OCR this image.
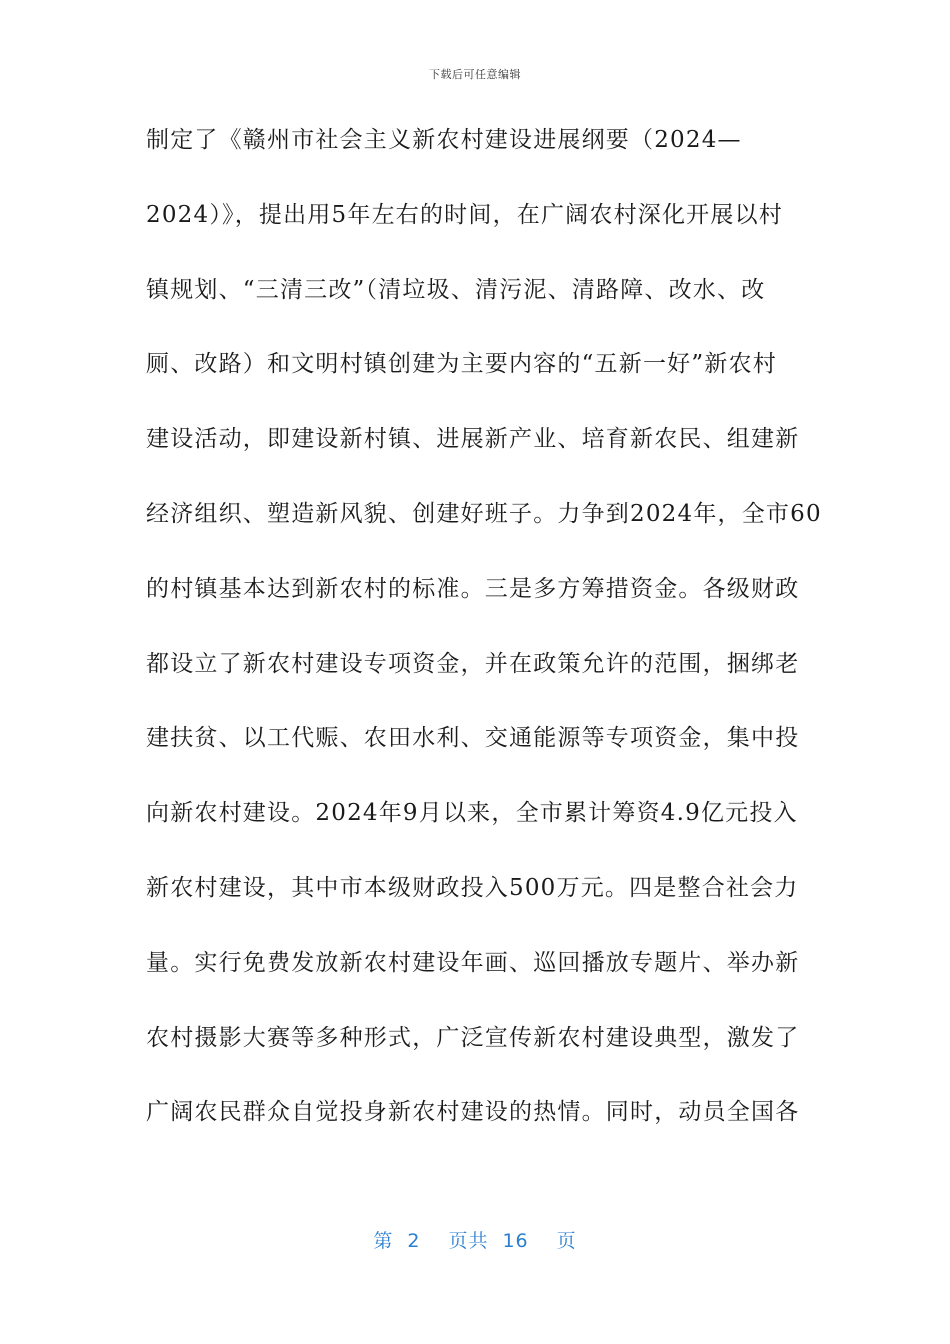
下载后可任意编辑
制定了《赣州市社会主义新农村建设进展纲要（2024—
2024）》，提出用5年左右的时间，在广阔农村深化开展以村
镇规划、“三清三改”（清垃圾、清污泥、清路障、改水、改
厕、改路）和文明村镇创建为主要内容的“五新一好”新农村
建设活动，即建设新村镇、进展新产业、培育新农民、组建新
经济组织、塑造新风貌、创建好班子。力争到2024年，全市60
的村镇基本达到新农村的标准。三是多方筹措资金。各级财政
都设立了新农村建设专项资金，并在政策允许的范围，捆绑老
建扶贫、以工代赈、农田水利、交通能源等专项资金，集中投
向新农村建设。2024年9月以来，全市累计筹资4.9亿元投入
新农村建设，其中市本级财政投入500万元。四是整合社会力
量。实行免费发放新农村建设年画、巡回播放专题片、举办新
农村摄影大赛等多种形式，广泛宣传新农村建设典型，激发了
广阔农民群众自觉投身新农村建设的热情。同时，动员全国各
第 2 页共 16 页
